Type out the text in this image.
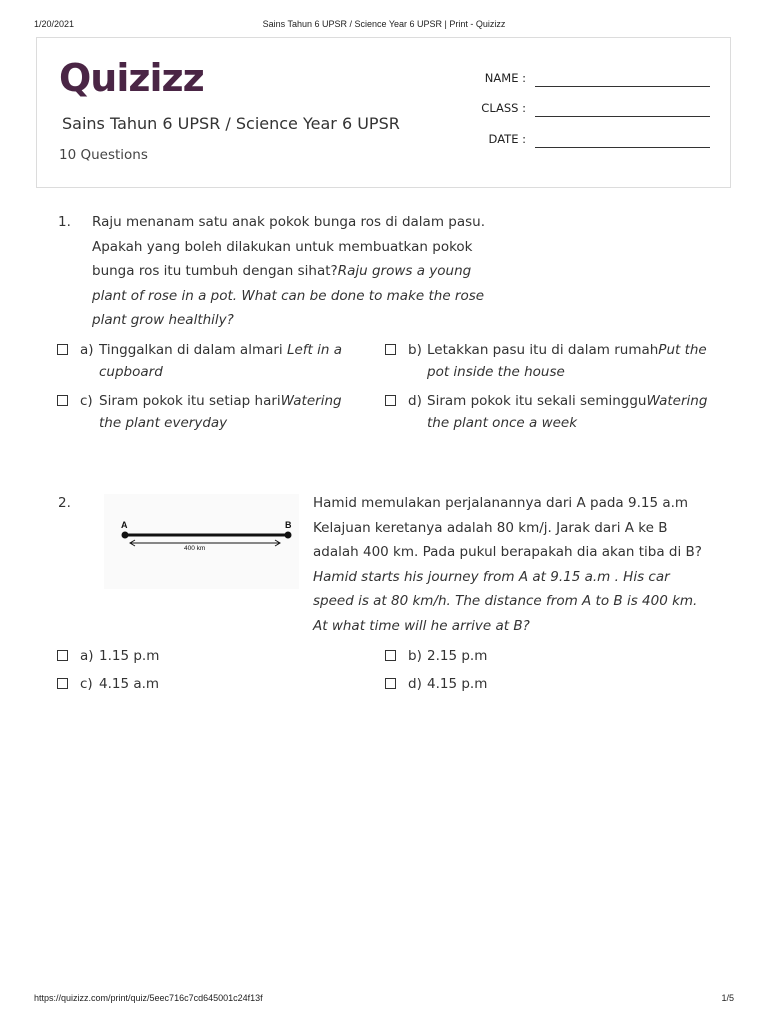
1/20/2021	Sains Tahun 6 UPSR / Science Year 6 UPSR | Print - Quizizz
Quizizz
Sains Tahun 6 UPSR / Science Year 6 UPSR
10 Questions
NAME :
CLASS :
DATE :
1. Raju menanam satu anak pokok bunga ros di dalam pasu. Apakah yang boleh dilakukan untuk membuatkan pokok bunga ros itu tumbuh dengan sihat?Raju grows a young plant of rose in a pot. What can be done to make the rose plant grow healthily?
a) Tinggalkan di dalam almari Left in a cupboard
b) Letakkan pasu itu di dalam rumahPut the pot inside the house
c) Siram pokok itu setiap hariWatering the plant everyday
d) Siram pokok itu sekali semingguWatering the plant once a week
2.
A	B
400 km
Hamid memulakan perjalanannya dari A pada 9.15 a.m Kelajuan keretanya adalah 80 km/j. Jarak dari A ke B adalah 400 km. Pada pukul berapakah dia akan tiba di B?Hamid starts his journey from A at 9.15 a.m . His car speed is at 80 km/h. The distance from A to B is 400 km. At what time will he arrive at B?
a) 1.15 p.m	b) 2.15 p.m
c) 4.15 a.m	d) 4.15 p.m
https://quizizz.com/print/quiz/5eec716c7cd645001c24f13f	1/5
